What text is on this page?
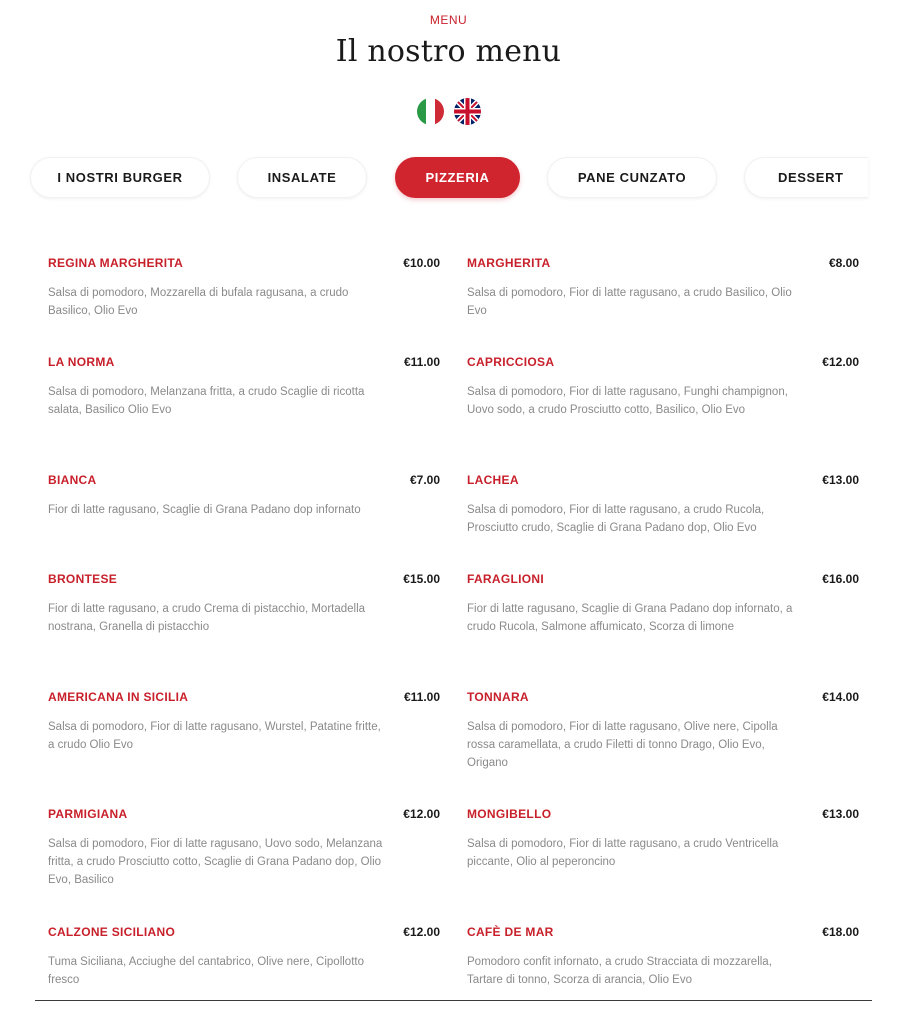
MENU
Il nostro menu
I NOSTRI BURGER	INSALATE	PIZZERIA	PANE CUNZATO	DESSERT
REGINA MARGHERITA	€10.00

Salsa di pomodoro, Mozzarella di bufala ragusana, a crudo Basilico, Olio Evo

MARGHERITA	€8.00

Salsa di pomodoro, Fior di latte ragusano, a crudo Basilico, Olio Evo

LA NORMA	€11.00

Salsa di pomodoro, Melanzana fritta, a crudo Scaglie di ricotta salata, Basilico Olio Evo

CAPRICCIOSA	€12.00

Salsa di pomodoro, Fior di latte ragusano, Funghi champignon, Uovo sodo, a crudo Prosciutto cotto, Basilico, Olio Evo

BIANCA	€7.00

Fior di latte ragusano, Scaglie di Grana Padano dop infornato

LACHEA	€13.00

Salsa di pomodoro, Fior di latte ragusano, a crudo Rucola, Prosciutto crudo, Scaglie di Grana Padano dop, Olio Evo

BRONTESE	€15.00

Fior di latte ragusano, a crudo Crema di pistacchio, Mortadella nostrana, Granella di pistacchio

FARAGLIONI	€16.00

Fior di latte ragusano, Scaglie di Grana Padano dop infornato, a crudo Rucola, Salmone affumicato, Scorza di limone

AMERICANA IN SICILIA	€11.00

Salsa di pomodoro, Fior di latte ragusano, Wurstel, Patatine fritte, a crudo Olio Evo

TONNARA	€14.00

Salsa di pomodoro, Fior di latte ragusano, Olive nere, Cipolla rossa caramellata, a crudo Filetti di tonno Drago, Olio Evo, Origano

PARMIGIANA	€12.00

Salsa di pomodoro, Fior di latte ragusano, Uovo sodo, Melanzana fritta, a crudo Prosciutto cotto, Scaglie di Grana Padano dop, Olio Evo, Basilico

MONGIBELLO	€13.00

Salsa di pomodoro, Fior di latte ragusano, a crudo Ventricella piccante, Olio al peperoncino

CALZONE SICILIANO	€12.00

Tuma Siciliana, Acciughe del cantabrico, Olive nere, Cipollotto fresco

CAFÈ DE MAR	€18.00

Pomodoro confit infornato, a crudo Stracciata di mozzarella, Tartare di tonno, Scorza di arancia, Olio Evo
